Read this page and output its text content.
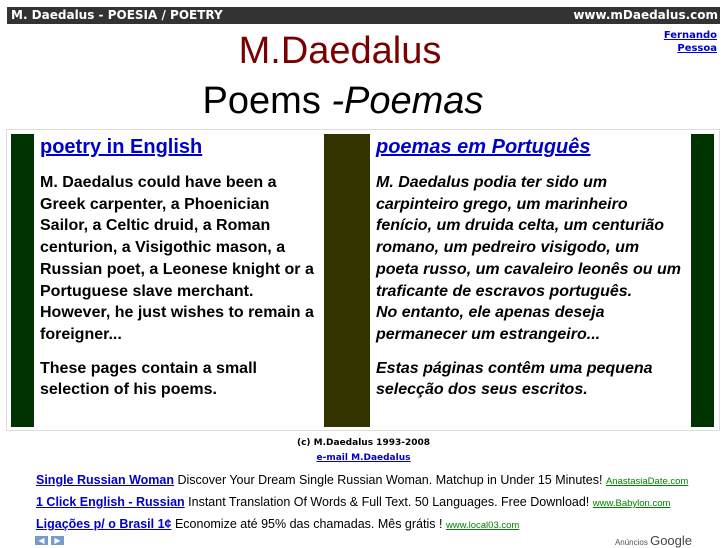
M. Daedalus - POESIA / POETRY	www.mDaedalus.com
Fernando
Pessoa
M.Daedalus
Poems -Poemas
poetry in English

M. Daedalus could have been a Greek carpenter, a Phoenician Sailor, a Celtic druid, a Roman centurion, a Visigothic mason, a Russian poet, a Leonese knight or a Portuguese slave merchant.

However, he just wishes to remain a foreigner...

These pages contain a small selection of his poems.

poemas em Português

M. Daedalus podia ter sido um carpinteiro grego, um marinheiro fenício, um druida celta, um centurião romano, um pedreiro visigodo, um poeta russo, um cavaleiro leonês ou um traficante de escravos português.

No entanto, ele apenas deseja permanecer um estrangeiro...

Estas páginas contêm uma pequena selecção dos seus escritos.

(c) M.Daedalus 1993-2008
e-mail M.Daedalus
Single Russian Woman Discover Your Dream Single Russian Woman. Matchup in Under 15 Minutes! AnastasiaDate.com
1 Click English - Russian Instant Translation Of Words & Full Text. 50 Languages. Free Download! www.Babylon.com
Ligações p/ o Brasil 1¢ Economize até 95% das chamadas. Mês grátis ! www.local03.com
◀	▶	Anúncios Google
